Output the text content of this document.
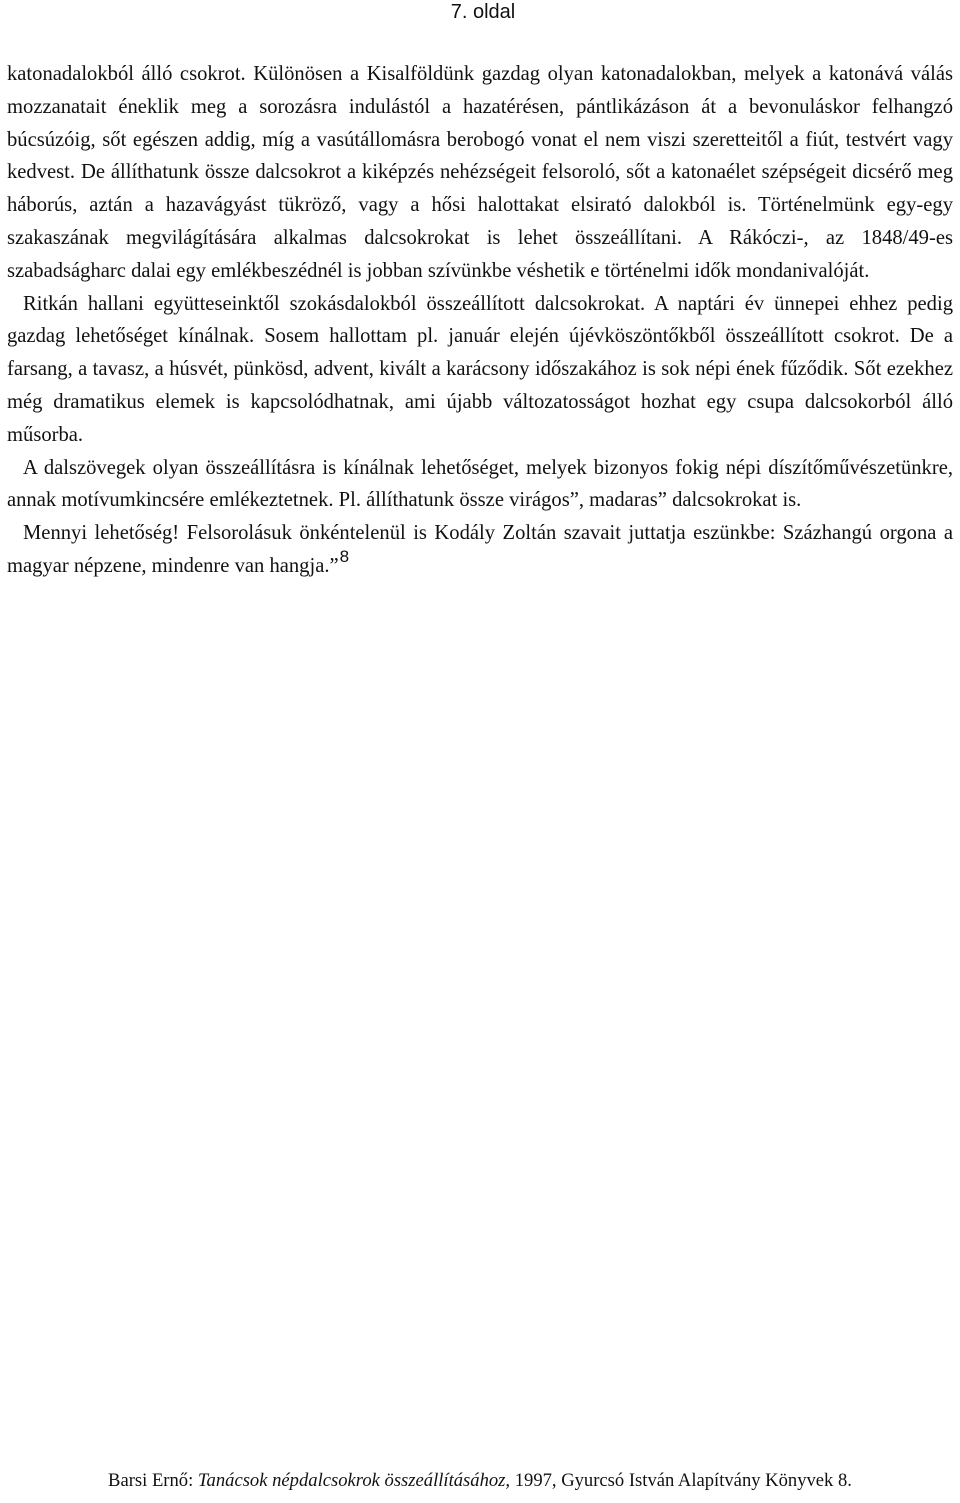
7. oldal

katonadalokból álló csokrot. Különösen a Kisalföldünk gazdag olyan katonadalokban, melyek a katonává válás mozzanatait éneklik meg a sorozásra indulástól a hazatérésen, pántlikázáson át a bevonuláskor felhangzó búcsúzóig, sőt egészen addig, míg a vasútállomásra berobogó vonat el nem viszi szeretteitől a fiút, testvért vagy kedvest. De állíthatunk össze dalcsokrot a kiképzés nehézségeit felsoroló, sőt a katonaélet szépségeit dicsérő meg háborús, aztán a hazavágyást tükröző, vagy a hősi halottakat elsirató dalokból is. Történelmünk egy-egy szakaszának megvilágítására alkalmas dalcsokrokat is lehet összeállítani. A Rákóczi-, az 1848/49-es szabadságharc dalai egy emlékbeszédnél is jobban szívünkbe véshetik e történelmi idők mondanivalóját.

Ritkán hallani együtteseinktől szokásdalokból összeállított dalcsokrokat. A naptári év ünnepei ehhez pedig gazdag lehetőséget kínálnak. Sosem hallottam pl. január elején újévköszöntőkből összeállított csokrot. De a farsang, a tavasz, a húsvét, pünkösd, advent, kivált a karácsony időszakához is sok népi ének fűződik. Sőt ezekhez még dramatikus elemek is kapcsolódhatnak, ami újabb változatosságot hozhat egy csupa dalcsokorból álló műsorba.

A dalszövegek olyan összeállításra is kínálnak lehetőséget, melyek bizonyos fokig népi díszítőművészetünkre, annak motívumkincsére emlékeztetnek. Pl. állíthatunk össze virágos”, madaras” dalcsokrokat is.

Mennyi lehetőség! Felsorolásuk önkéntelenül is Kodály Zoltán szavait juttatja eszünkbe: Százhangú orgona a magyar népzene, mindenre van hangja.”$^8$

Barsi Ernő: Tanácsok népdalcsokrok összeállításához, 1997, Gyurcsó István Alapítvány Könyvek 8.
